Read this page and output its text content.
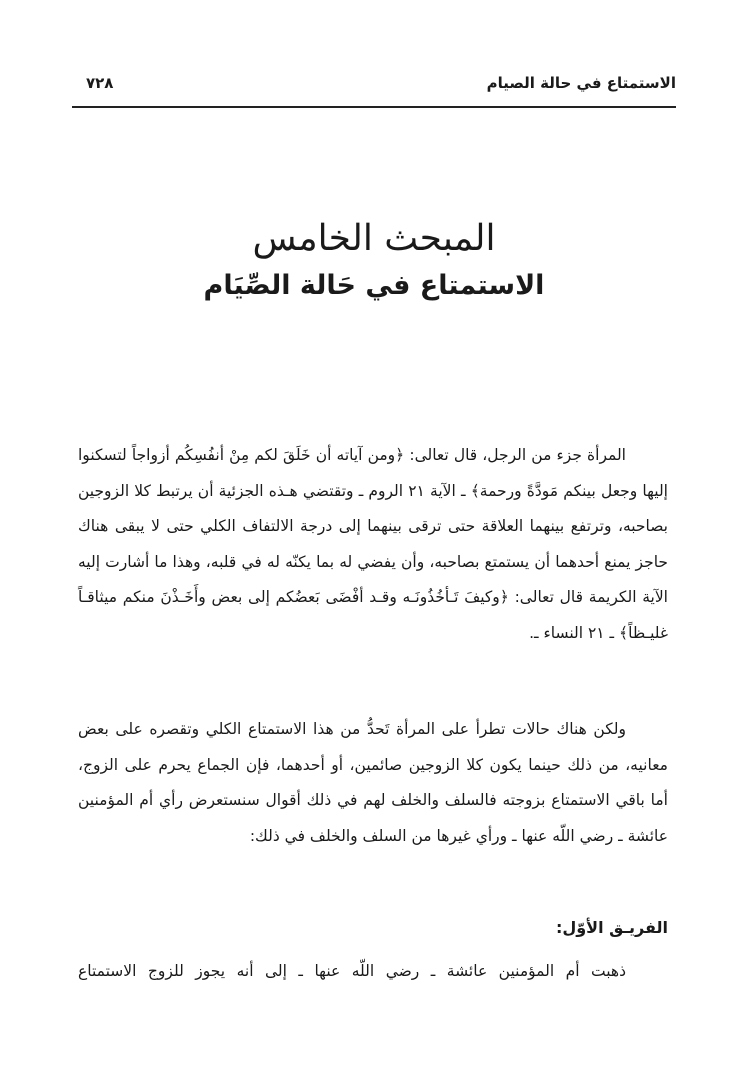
الاستمتاع في حالة الصيام
٧٢٨
المبحث الخامس
الاستمتاع في حَالة الصِّيَام

المرأة جزء من الرجل، قال تعالى: ﴿ومن آياته أن خَلَقَ لكم مِنْ أنفُسِكُم أزواجاً لتسكنوا إليها وجعل بينكم مَودَّةً ورحمة﴾ ـ الآية ٢١ الروم ـ وتقتضي هـذه الجزئية أن يرتبط كلا الزوجين بصاحبه، وترتفع بينهما العلاقة حتى ترقى بينهما إلى درجة الالتفاف الكلي حتى لا يبقى هناك حاجز يمنع أحدهما أن يستمتع بصاحبه، وأن يفضي له بما يكنّه له في قلبه، وهذا ما أشارت إليه الآية الكريمة قال تعالى: ﴿وكيفَ تَـأخُذُونَـه وقـد أفْضَى بَعضُكم إلى بعض وأَخَـذْنَ منكم ميثاقـاً غليـظاً﴾ ـ ٢١ النساء ـ.

ولكن هناك حالات تطرأ على المرأة تَحدُّ من هذا الاستمتاع الكلي وتقصره على بعض معانيه، من ذلك حينما يكون كلا الزوجين صائمين، أو أحدهما، فإن الجماع يحرم على الزوج، أما باقي الاستمتاع بزوجته فالسلف والخلف لهم في ذلك أقوال سنستعرض رأي أم المؤمنين عائشة ـ رضي اللّه عنها ـ ورأي غيرها من السلف والخلف في ذلك:

الفريـق الأوّل:
ذهبت أم المؤمنين عائشة ـ رضي اللّه عنها ـ إلى أنه يجوز للزوج الاستمتاع
